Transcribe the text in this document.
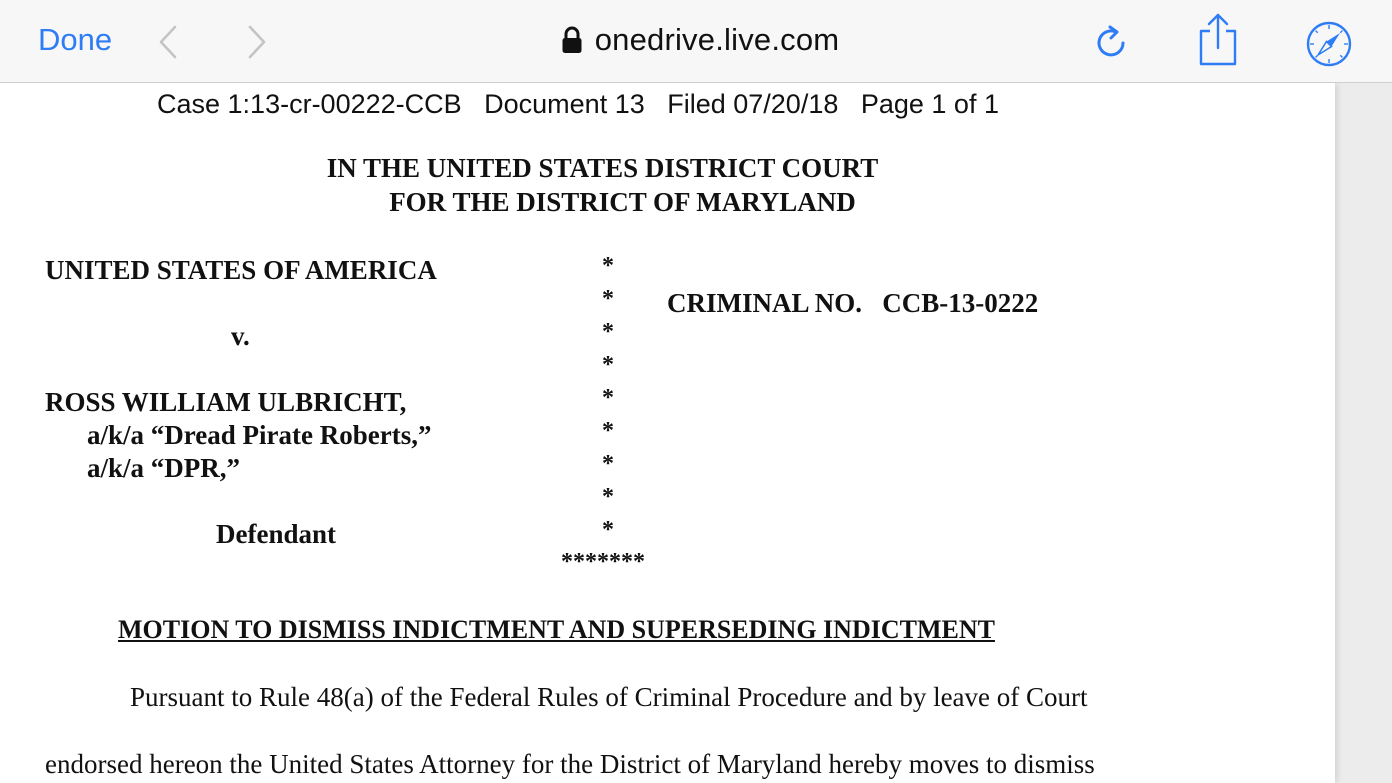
Done	onedrive.live.com
Case 1:13-cr-00222-CCB   Document 13   Filed 07/20/18   Page 1 of 1
IN THE UNITED STATES DISTRICT COURT
FOR THE DISTRICT OF MARYLAND
UNITED STATES OF AMERICA
CRIMINAL NO.   CCB-13-0222
v.
ROSS WILLIAM ULBRICHT,
a/k/a “Dread Pirate Roberts,”
a/k/a “DPR,”
Defendant
*
*
*
*
*
*
*
*
*
*******
MOTION TO DISMISS INDICTMENT AND SUPERSEDING INDICTMENT
Pursuant to Rule 48(a) of the Federal Rules of Criminal Procedure and by leave of Court
endorsed hereon the United States Attorney for the District of Maryland hereby moves to dismiss
